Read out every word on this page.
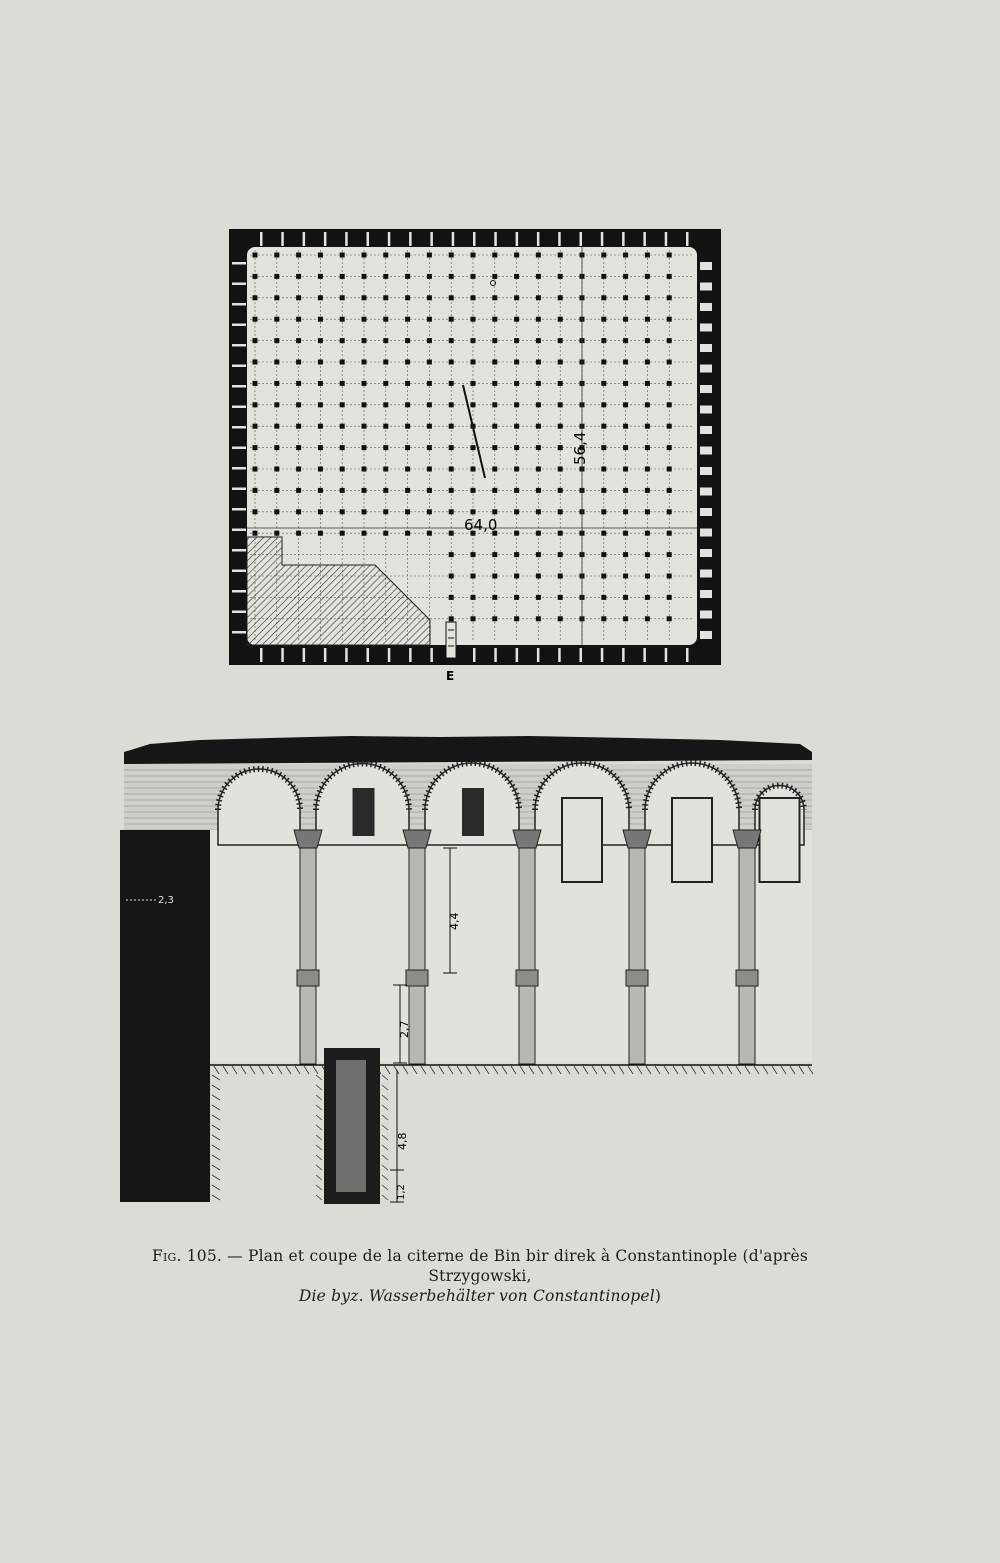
64,0
56,4
E
2,3
4,4
2,7
4,8
1,2
Fig. 105. — Plan et coupe de la citerne de Bin bir direk à Constantinople (d'après Strzygowski,
Die byz. Wasserbehälter von Constantinopel)
